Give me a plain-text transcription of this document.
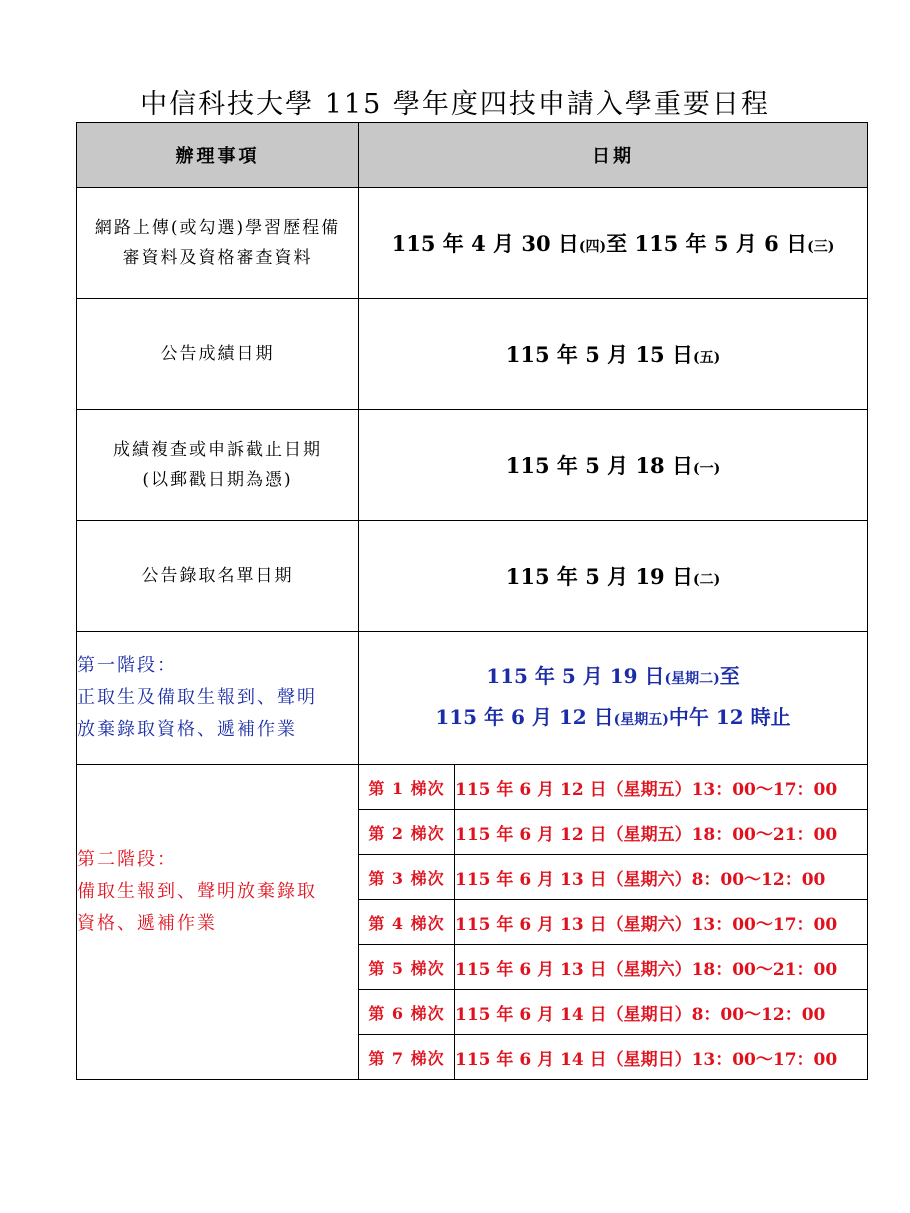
中信科技大學 115 學年度四技申請入學重要日程
辦理事項	日期	

網路上傳(或勾選)學習歷程備
審資料及資格審查資料	115 年 4 月 30 日(四)至 115 年 5 月 6 日(三)	

公告成績日期	115 年 5 月 15 日(五)	

成績複查或申訴截止日期
(以郵戳日期為憑)	115 年 5 月 18 日(一)	

公告錄取名單日期	115 年 5 月 19 日(二)	

第一階段：
正取生及備取生報到、聲明
放棄錄取資格、遞補作業	115 年 5 月 19 日(星期二)至
115 年 6 月 12 日(星期五)中午 12 時止	

第二階段：
備取生報到、聲明放棄錄取
資格、遞補作業	第 1 梯次	115 年 6 月 12 日（星期五）13：00～17：00
	第 2 梯次	115 年 6 月 12 日（星期五）18：00～21：00
	第 3 梯次	115 年 6 月 13 日（星期六）8：00～12：00
	第 4 梯次	115 年 6 月 13 日（星期六）13：00～17：00
	第 5 梯次	115 年 6 月 13 日（星期六）18：00～21：00
	第 6 梯次	115 年 6 月 14 日（星期日）8：00～12：00
	第 7 梯次	115 年 6 月 14 日（星期日）13：00～17：00
